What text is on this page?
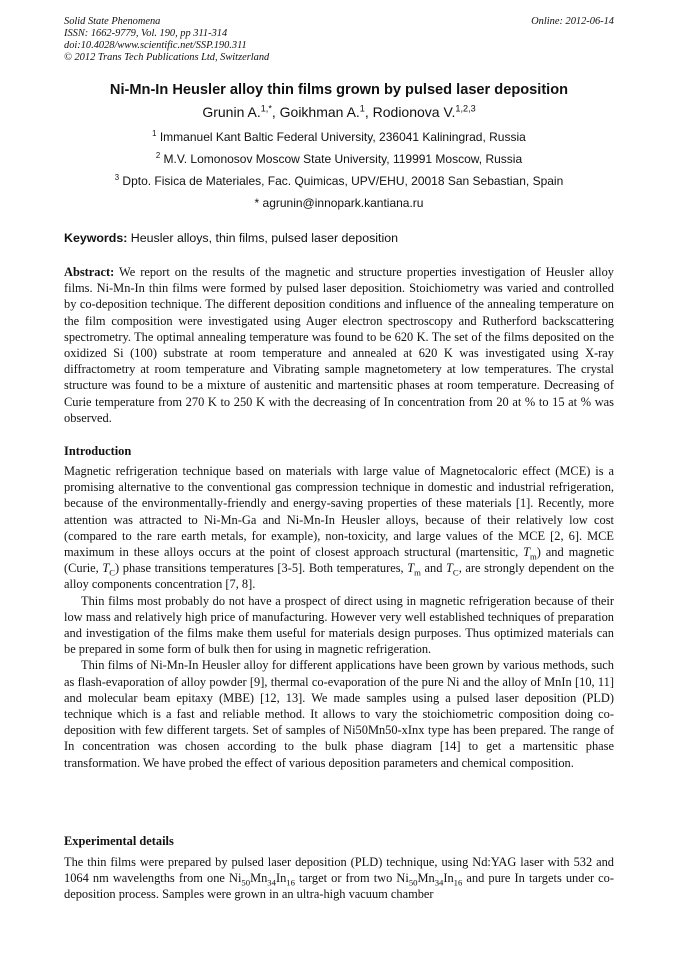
Solid State Phenomena
ISSN: 1662-9779, Vol. 190, pp 311-314
doi:10.4028/www.scientific.net/SSP.190.311
© 2012 Trans Tech Publications Ltd, Switzerland
Online: 2012-06-14
Ni-Mn-In Heusler alloy thin films grown by pulsed laser deposition
Grunin A.$^{1,*}$, Goikhman A.$^1$, Rodionova V.$^{1,2,3}$
$^1$ Immanuel Kant Baltic Federal University, 236041 Kaliningrad, Russia
$^2$ M.V. Lomonosov Moscow State University, 119991 Moscow, Russia
$^3$ Dpto. Fisica de Materiales, Fac. Quimicas, UPV/EHU, 20018 San Sebastian, Spain
* agrunin@innopark.kantiana.ru
Keywords: Heusler alloys, thin films, pulsed laser deposition
Abstract: We report on the results of the magnetic and structure properties investigation of Heusler alloy films. Ni-Mn-In thin films were formed by pulsed laser deposition. Stoichiometry was varied and controlled by co-deposition technique. The different deposition conditions and influence of the annealing temperature on the film composition were investigated using Auger electron spectroscopy and Rutherford backscattering spectrometry. The optimal annealing temperature was found to be 620 K. The set of the films deposited on the oxidized Si (100) substrate at room temperature and annealed at 620 K was investigated using X-ray diffractometry at room temperature and Vibrating sample magnetometery at low temperatures. The crystal structure was found to be a mixture of austenitic and martensitic phases at room temperature. Decreasing of Curie temperature from 270 K to 250 K with the decreasing of In concentration from 20 at % to 15 at % was observed.
Introduction

Magnetic refrigeration technique based on materials with large value of Magnetocaloric effect (MCE) is a promising alternative to the conventional gas compression technique in domestic and industrial refrigeration, because of the environmentally-friendly and energy-saving properties of these materials [1]. Recently, more attention was attracted to Ni-Mn-Ga and Ni-Mn-In Heusler alloys, because of their relatively low cost (compared to the rare earth metals, for example), non-toxicity, and large values of the MCE [2, 6]. MCE maximum in these alloys occurs at the point of closest approach structural (martensitic, $T_m$) and magnetic (Curie, $T_C$) phase transitions temperatures [3-5]. Both temperatures, $T_m$ and $T_C$, are strongly dependent on the alloy components concentration [7, 8].

Thin films most probably do not have a prospect of direct using in magnetic refrigeration because of their low mass and relatively high price of manufacturing. However very well established techniques of preparation and investigation of the films make them useful for materials design purposes. Thus optimized materials can be prepared in some form of bulk then for using in magnetic refrigeration.

Thin films of Ni-Mn-In Heusler alloy for different applications have been grown by various methods, such as flash-evaporation of alloy powder [9], thermal co-evaporation of the pure Ni and the alloy of MnIn [10, 11] and molecular beam epitaxy (MBE) [12, 13]. We made samples using a pulsed laser deposition (PLD) technique which is a fast and reliable method. It allows to vary the stoichiometric composition doing co-deposition with few different targets. Set of samples of Ni50Mn50-xInx type has been prepared. The range of In concentration was chosen according to the bulk phase diagram [14] to get a martensitic phase transformation. We have probed the effect of various deposition parameters and chemical composition.

Experimental details

The thin films were prepared by pulsed laser deposition (PLD) technique, using Nd:YAG laser with 532 and 1064 nm wavelengths from one $Ni_{50}Mn_{34}In_{16}$ target or from two $Ni_{50}Mn_{34}In_{16}$ and pure In targets under co-deposition process. Samples were grown in an ultra-high vacuum chamber
